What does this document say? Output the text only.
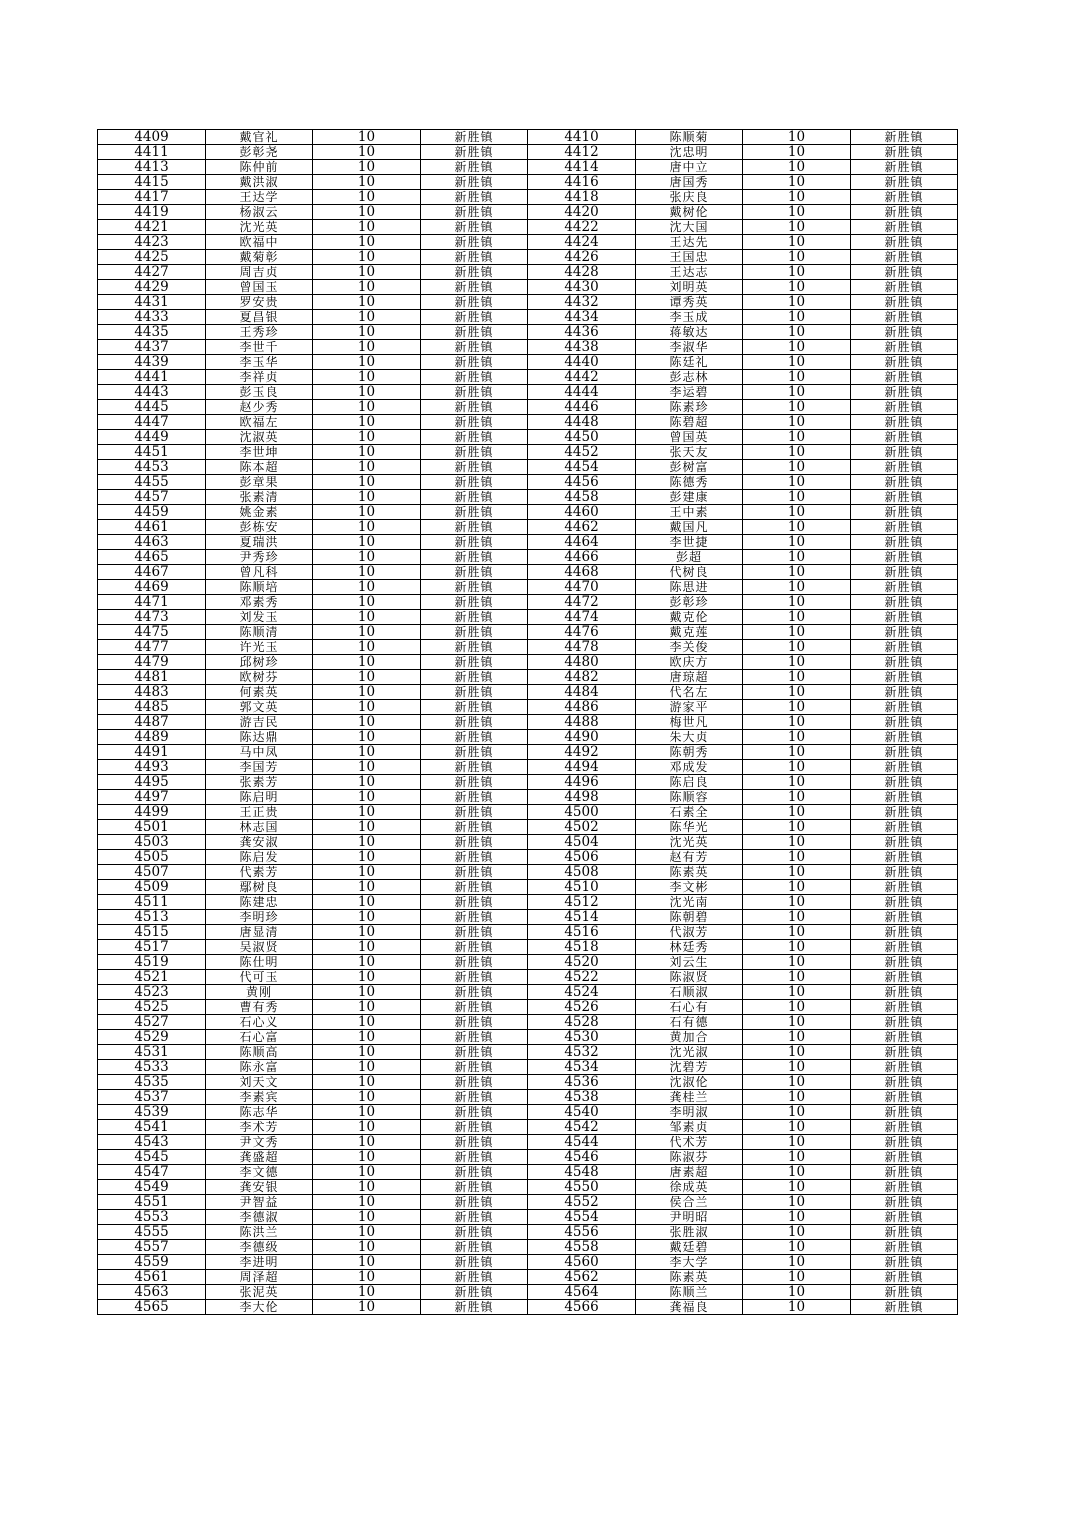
4409	戴官礼	10	新胜镇	4410	陈顺菊	10	新胜镇
4411	彭彰尧	10	新胜镇	4412	沈忠明	10	新胜镇
4413	陈仲前	10	新胜镇	4414	唐中立	10	新胜镇
4415	戴洪淑	10	新胜镇	4416	唐国秀	10	新胜镇
4417	王达学	10	新胜镇	4418	张庆良	10	新胜镇
4419	杨淑云	10	新胜镇	4420	戴树伦	10	新胜镇
4421	沈光英	10	新胜镇	4422	沈大国	10	新胜镇
4423	欧福中	10	新胜镇	4424	王达先	10	新胜镇
4425	戴菊彰	10	新胜镇	4426	王国忠	10	新胜镇
4427	周吉贞	10	新胜镇	4428	王达志	10	新胜镇
4429	曾国玉	10	新胜镇	4430	刘明英	10	新胜镇
4431	罗安贵	10	新胜镇	4432	谭秀英	10	新胜镇
4433	夏昌银	10	新胜镇	4434	李玉成	10	新胜镇
4435	王秀珍	10	新胜镇	4436	蒋敏达	10	新胜镇
4437	李世千	10	新胜镇	4438	李淑华	10	新胜镇
4439	李玉华	10	新胜镇	4440	陈廷礼	10	新胜镇
4441	李祥贞	10	新胜镇	4442	彭志林	10	新胜镇
4443	彭玉良	10	新胜镇	4444	李运碧	10	新胜镇
4445	赵少秀	10	新胜镇	4446	陈素珍	10	新胜镇
4447	欧福左	10	新胜镇	4448	陈碧超	10	新胜镇
4449	沈淑英	10	新胜镇	4450	曾国英	10	新胜镇
4451	李世坤	10	新胜镇	4452	张天友	10	新胜镇
4453	陈本超	10	新胜镇	4454	彭树富	10	新胜镇
4455	彭章果	10	新胜镇	4456	陈德秀	10	新胜镇
4457	张素清	10	新胜镇	4458	彭建康	10	新胜镇
4459	姚金素	10	新胜镇	4460	王中素	10	新胜镇
4461	彭栋安	10	新胜镇	4462	戴国凡	10	新胜镇
4463	夏瑞洪	10	新胜镇	4464	李世捷	10	新胜镇
4465	尹秀珍	10	新胜镇	4466	彭超	10	新胜镇
4467	曾凡科	10	新胜镇	4468	代树良	10	新胜镇
4469	陈顺培	10	新胜镇	4470	陈思进	10	新胜镇
4471	邓素秀	10	新胜镇	4472	彭彰珍	10	新胜镇
4473	刘发玉	10	新胜镇	4474	戴克伦	10	新胜镇
4475	陈顺清	10	新胜镇	4476	戴克莲	10	新胜镇
4477	许光玉	10	新胜镇	4478	李关俊	10	新胜镇
4479	邱树珍	10	新胜镇	4480	欧庆方	10	新胜镇
4481	欧树芬	10	新胜镇	4482	唐琼超	10	新胜镇
4483	何素英	10	新胜镇	4484	代名左	10	新胜镇
4485	郭文英	10	新胜镇	4486	游家平	10	新胜镇
4487	游吉民	10	新胜镇	4488	梅世凡	10	新胜镇
4489	陈达鼎	10	新胜镇	4490	朱大贞	10	新胜镇
4491	马中凤	10	新胜镇	4492	陈朝秀	10	新胜镇
4493	李国芳	10	新胜镇	4494	邓成发	10	新胜镇
4495	张素芳	10	新胜镇	4496	陈启良	10	新胜镇
4497	陈启明	10	新胜镇	4498	陈顺容	10	新胜镇
4499	王正贵	10	新胜镇	4500	石素全	10	新胜镇
4501	林志国	10	新胜镇	4502	陈华光	10	新胜镇
4503	龚安淑	10	新胜镇	4504	沈光英	10	新胜镇
4505	陈启发	10	新胜镇	4506	赵有芳	10	新胜镇
4507	代素芳	10	新胜镇	4508	陈素英	10	新胜镇
4509	鄢树良	10	新胜镇	4510	李文彬	10	新胜镇
4511	陈建忠	10	新胜镇	4512	沈光南	10	新胜镇
4513	李明珍	10	新胜镇	4514	陈朝碧	10	新胜镇
4515	唐显清	10	新胜镇	4516	代淑芳	10	新胜镇
4517	吴淑贤	10	新胜镇	4518	林廷秀	10	新胜镇
4519	陈仕明	10	新胜镇	4520	刘云生	10	新胜镇
4521	代可玉	10	新胜镇	4522	陈淑贤	10	新胜镇
4523	黄刚	10	新胜镇	4524	石顺淑	10	新胜镇
4525	曹有秀	10	新胜镇	4526	石心有	10	新胜镇
4527	石心义	10	新胜镇	4528	石有德	10	新胜镇
4529	石心富	10	新胜镇	4530	黄加合	10	新胜镇
4531	陈顺高	10	新胜镇	4532	沈光淑	10	新胜镇
4533	陈永富	10	新胜镇	4534	沈碧芳	10	新胜镇
4535	刘天文	10	新胜镇	4536	沈淑伦	10	新胜镇
4537	李素宾	10	新胜镇	4538	龚桂兰	10	新胜镇
4539	陈志华	10	新胜镇	4540	李明淑	10	新胜镇
4541	李术芳	10	新胜镇	4542	邹素贞	10	新胜镇
4543	尹文秀	10	新胜镇	4544	代术芳	10	新胜镇
4545	龚盛超	10	新胜镇	4546	陈淑芬	10	新胜镇
4547	李文德	10	新胜镇	4548	唐素超	10	新胜镇
4549	龚安银	10	新胜镇	4550	徐成英	10	新胜镇
4551	尹智益	10	新胜镇	4552	侯合兰	10	新胜镇
4553	李德淑	10	新胜镇	4554	尹明昭	10	新胜镇
4555	陈洪兰	10	新胜镇	4556	张胜淑	10	新胜镇
4557	李德级	10	新胜镇	4558	戴廷碧	10	新胜镇
4559	李进明	10	新胜镇	4560	李大学	10	新胜镇
4561	周泽超	10	新胜镇	4562	陈素英	10	新胜镇
4563	张泥英	10	新胜镇	4564	陈顺兰	10	新胜镇
4565	李大伦	10	新胜镇	4566	龚福良	10	新胜镇
